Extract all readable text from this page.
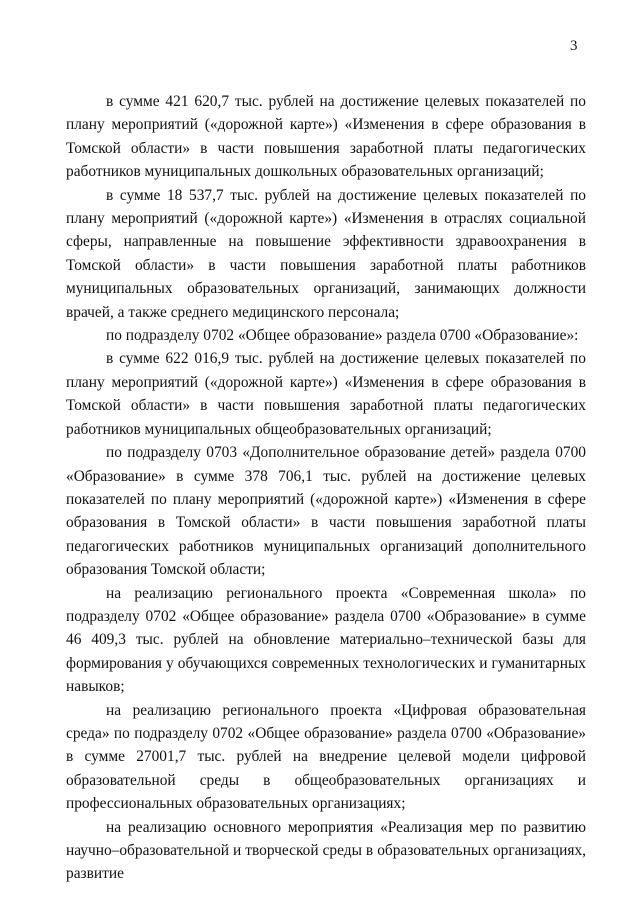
3

в сумме 421 620,7 тыс. рублей на достижение целевых показателей по плану мероприятий («дорожной карте») «Изменения в сфере образования в Томской области» в части повышения заработной платы педагогических работников муниципальных дошкольных образовательных организаций;

в сумме 18 537,7 тыс. рублей на достижение целевых показателей по плану мероприятий («дорожной карте») «Изменения в отраслях социальной сферы, направленные на повышение эффективности здравоохранения в Томской области» в части повышения заработной платы работников муниципальных образовательных организаций, занимающих должности врачей, а также среднего медицинского персонала;

по подразделу 0702 «Общее образование» раздела 0700 «Образование»:

в сумме 622 016,9 тыс. рублей на достижение целевых показателей по плану мероприятий («дорожной карте») «Изменения в сфере образования в Томской области» в части повышения заработной платы педагогических работников муниципальных общеобразовательных организаций;

по подразделу 0703 «Дополнительное образование детей» раздела 0700 «Образование» в сумме 378 706,1 тыс. рублей на достижение целевых показателей по плану мероприятий («дорожной карте») «Изменения в сфере образования в Томской области» в части повышения заработной платы педагогических работников муниципальных организаций дополнительного образования Томской области;

на реализацию регионального проекта «Современная школа» по подразделу 0702 «Общее образование» раздела 0700 «Образование» в сумме 46 409,3 тыс. рублей на обновление материально–технической базы для формирования у обучающихся современных технологических и гуманитарных навыков;

на реализацию регионального проекта «Цифровая образовательная среда» по подразделу 0702 «Общее образование» раздела 0700 «Образование» в сумме 27001,7 тыс. рублей на внедрение целевой модели цифровой образовательной среды в общеобразовательных организациях и профессиональных образовательных организациях;

на реализацию основного мероприятия «Реализация мер по развитию научно–образовательной и творческой среды в образовательных организациях, развитие
